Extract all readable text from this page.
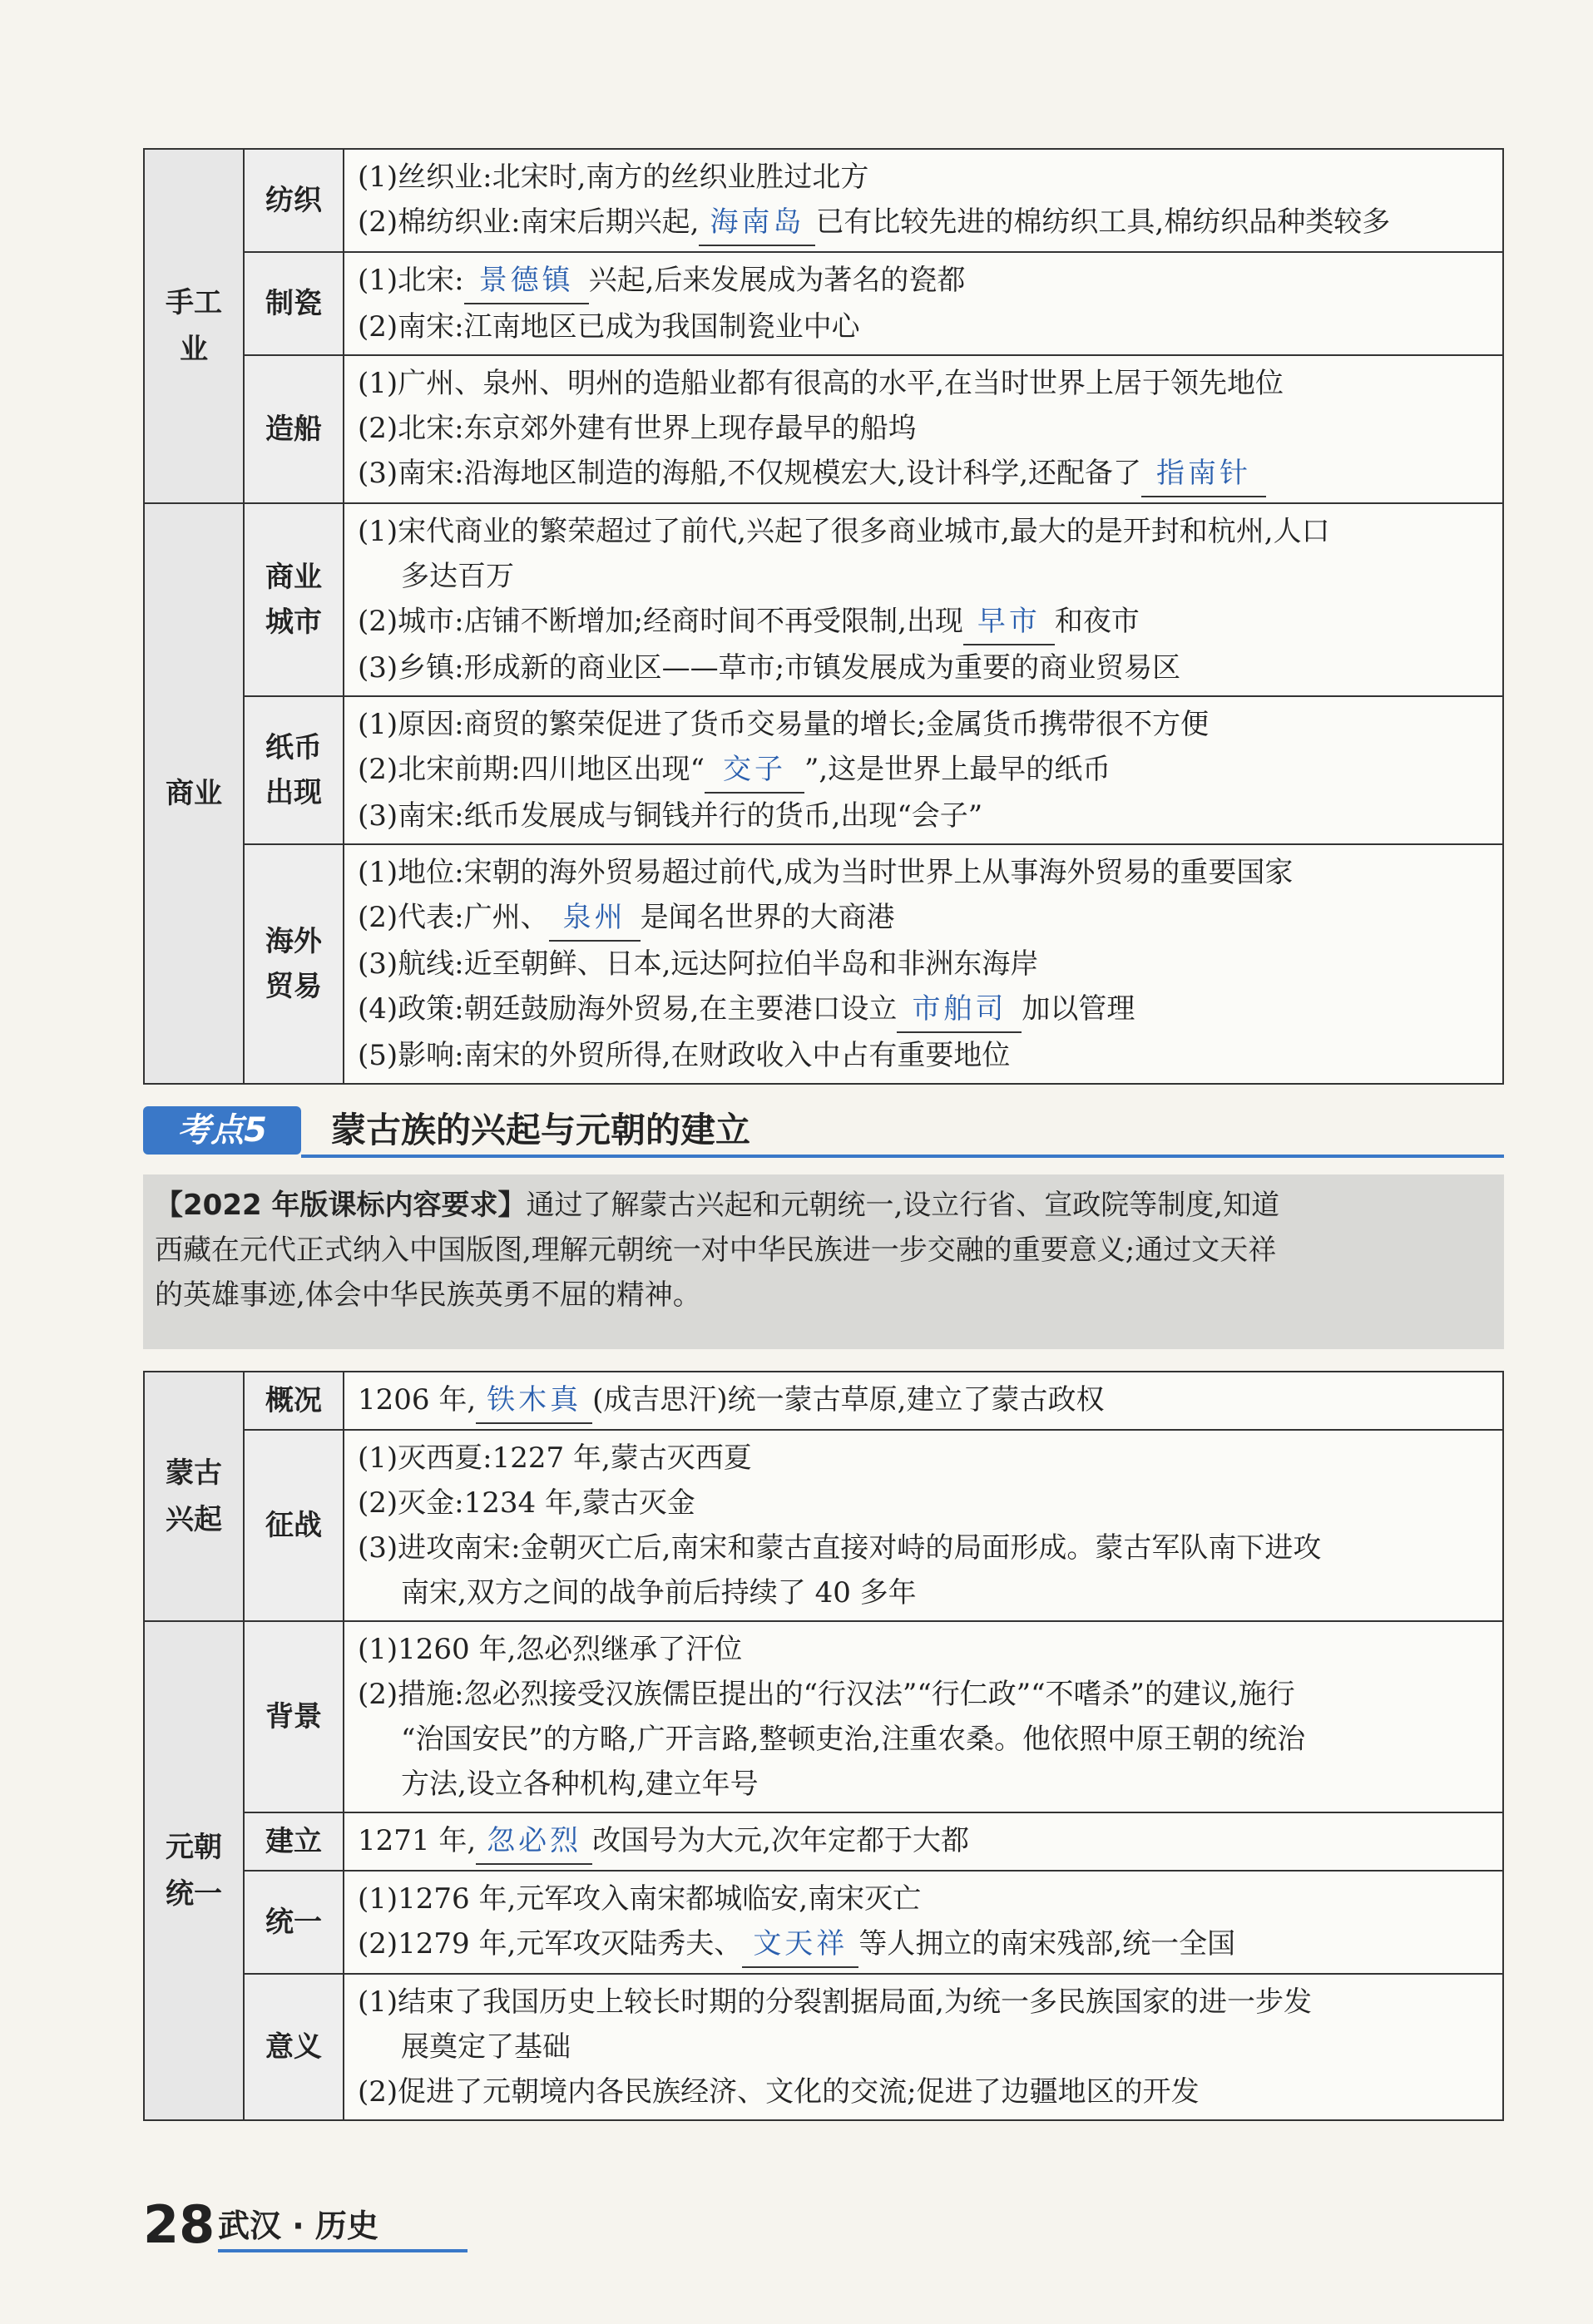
手工业	纺织	(1)丝织业:北宋时,南方的丝织业胜过北方
(2)棉纺织业:南宋后期兴起, 海南岛 已有比较先进的棉纺织工具,棉纺织品种类较多

	制瓷	(1)北宋: 景德镇 兴起,后来发展成为著名的瓷都
(2)南宋:江南地区已成为我国制瓷业中心

	造船	(1)广州、泉州、明州的造船业都有很高的水平,在当时世界上居于领先地位
(2)北宋:东京郊外建有世界上现存最早的船坞
(3)南宋:沿海地区制造的海船,不仅规模宏大,设计科学,还配备了 指南针

商业	商业城市	(1)宋代商业的繁荣超过了前代,兴起了很多商业城市,最大的是开封和杭州,人口
多达百万
(2)城市:店铺不断增加;经商时间不再受限制,出现 早市 和夜市
(3)乡镇:形成新的商业区——草市;市镇发展成为重要的商业贸易区

	纸币出现	(1)原因:商贸的繁荣促进了货币交易量的增长;金属货币携带很不方便
(2)北宋前期:四川地区出现“ 交子 ”,这是世界上最早的纸币
(3)南宋:纸币发展成与铜钱并行的货币,出现“会子”

	海外贸易	(1)地位:宋朝的海外贸易超过前代,成为当时世界上从事海外贸易的重要国家
(2)代表:广州、 泉州 是闻名世界的大商港
(3)航线:近至朝鲜、日本,远达阿拉伯半岛和非洲东海岸
(4)政策:朝廷鼓励海外贸易,在主要港口设立 市舶司 加以管理
(5)影响:南宋的外贸所得,在财政收入中占有重要地位
考点5	蒙古族的兴起与元朝的建立
【2022 年版课标内容要求】通过了解蒙古兴起和元朝统一,设立行省、宣政院等制度,知道
西藏在元代正式纳入中国版图,理解元朝统一对中华民族进一步交融的重要意义;通过文天祥
的英雄事迹,体会中华民族英勇不屈的精神。
蒙古兴起	概况	1206 年, 铁木真 (成吉思汗)统一蒙古草原,建立了蒙古政权

	征战	(1)灭西夏:1227 年,蒙古灭西夏
(2)灭金:1234 年,蒙古灭金
(3)进攻南宋:金朝灭亡后,南宋和蒙古直接对峙的局面形成。蒙古军队南下进攻
南宋,双方之间的战争前后持续了 40 多年

元朝统一	背景	(1)1260 年,忽必烈继承了汗位
(2)措施:忽必烈接受汉族儒臣提出的“行汉法”“行仁政”“不嗜杀”的建议,施行
“治国安民”的方略,广开言路,整顿吏治,注重农桑。他依照中原王朝的统治
方法,设立各种机构,建立年号

	建立	1271 年, 忽必烈 改国号为大元,次年定都于大都

	统一	(1)1276 年,元军攻入南宋都城临安,南宋灭亡
(2)1279 年,元军攻灭陆秀夫、 文天祥 等人拥立的南宋残部,统一全国

	意义	(1)结束了我国历史上较长时期的分裂割据局面,为统一多民族国家的进一步发
展奠定了基础
(2)促进了元朝境内各民族经济、文化的交流;促进了边疆地区的开发
28 武汉 · 历史
